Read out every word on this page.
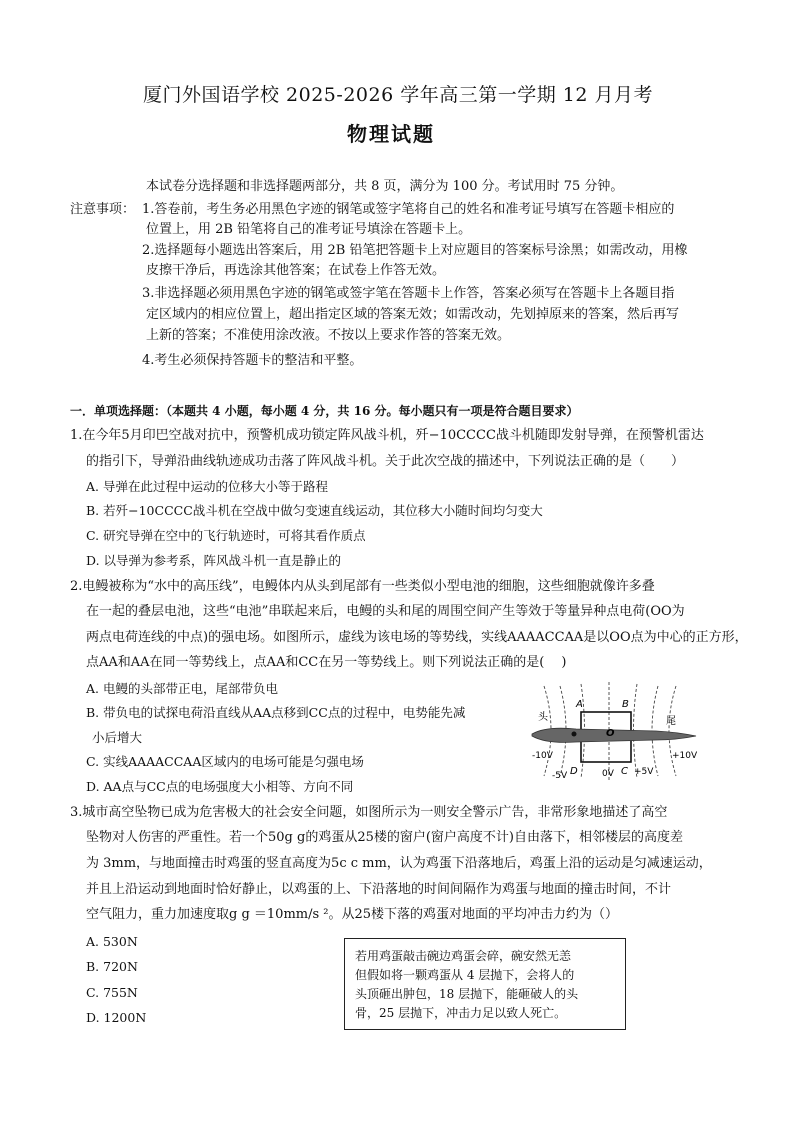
厦门外国语学校 2025-2026 学年高三第一学期 12 月月考
物理试题
本试卷分选择题和非选择题两部分，共 8 页，满分为 100 分。考试用时 75 分钟。
注意事项： 1.答卷前，考生务必用黑色字迹的钢笔或签字笔将自己的姓名和准考证号填写在答题卡相应的
位置上，用 2B 铅笔将自己的准考证号填涂在答题卡上。
2.选择题每小题选出答案后，用 2B 铅笔把答题卡上对应题目的答案标号涂黑；如需改动，用橡
皮擦干净后，再选涂其他答案；在试卷上作答无效。
3.非选择题必须用黑色字迹的钢笔或签字笔在答题卡上作答，答案必须写在答题卡上各题目指
定区域内的相应位置上，超出指定区域的答案无效；如需改动，先划掉原来的答案，然后再写
上新的答案；不准使用涂改液。不按以上要求作答的答案无效。
4.考生必须保持答题卡的整洁和平整。
一．单项选择题：（本题共 4 小题，每小题 4 分，共 16 分。每小题只有一项是符合题目要求）
1.在今年5月印巴空战对抗中，预警机成功锁定阵风战斗机，歼−10CCCC战斗机随即发射导弹，在预警机雷达
的指引下，导弹沿曲线轨迹成功击落了阵风战斗机。关于此次空战的描述中，下列说法正确的是（　　）
A. 导弹在此过程中运动的位移大小等于路程
B. 若歼−10CCCC战斗机在空战中做匀变速直线运动，其位移大小随时间均匀变大
C. 研究导弹在空中的飞行轨迹时，可将其看作质点
D. 以导弹为参考系，阵风战斗机一直是静止的
2.电鳗被称为“水中的高压线”，电鳗体内从头到尾部有一些类似小型电池的细胞，这些细胞就像许多叠
在一起的叠层电池，这些“电池”串联起来后，电鳗的头和尾的周围空间产生等效于等量异种点电荷(OO为
两点电荷连线的中点)的强电场。如图所示，虚线为该电场的等势线，实线AAAACCAA是以OO点为中心的正方形，
点AA和AA在同一等势线上，点AA和CC在另一等势线上。则下列说法正确的是(　 )
A. 电鳗的头部带正电，尾部带负电
B. 带负电的试探电荷沿直线从AA点移到CC点的过程中，电势能先减
小后增大
C. 实线AAAACCAA区域内的电场可能是匀强电场
D. AA点与CC点的电场强度大小相等、方向不同
头	尾
A	B
O
D	C
-10V	+10V
-5V	0V +5V
3.城市高空坠物已成为危害极大的社会安全问题，如图所示为一则安全警示广告，非常形象地描述了高空
坠物对人伤害的严重性。若一个50g g的鸡蛋从25楼的窗户(窗户高度不计)自由落下，相邻楼层的高度差
为 3mm，与地面撞击时鸡蛋的竖直高度为5c c mm，认为鸡蛋下沿落地后，鸡蛋上沿的运动是匀减速运动，
并且上沿运动到地面时恰好静止，以鸡蛋的上、下沿落地的时间间隔作为鸡蛋与地面的撞击时间，不计
空气阻力，重力加速度取g g ＝10mm/s ²。从25楼下落的鸡蛋对地面的平均冲击力约为（）
A. 530N
B. 720N
C. 755N
D. 1200N
若用鸡蛋敲击碗边鸡蛋会碎，碗安然无恙
但假如将一颗鸡蛋从 4 层抛下，会将人的
头顶砸出肿包，18 层抛下，能砸破人的头
骨，25 层抛下，冲击力足以致人死亡。
